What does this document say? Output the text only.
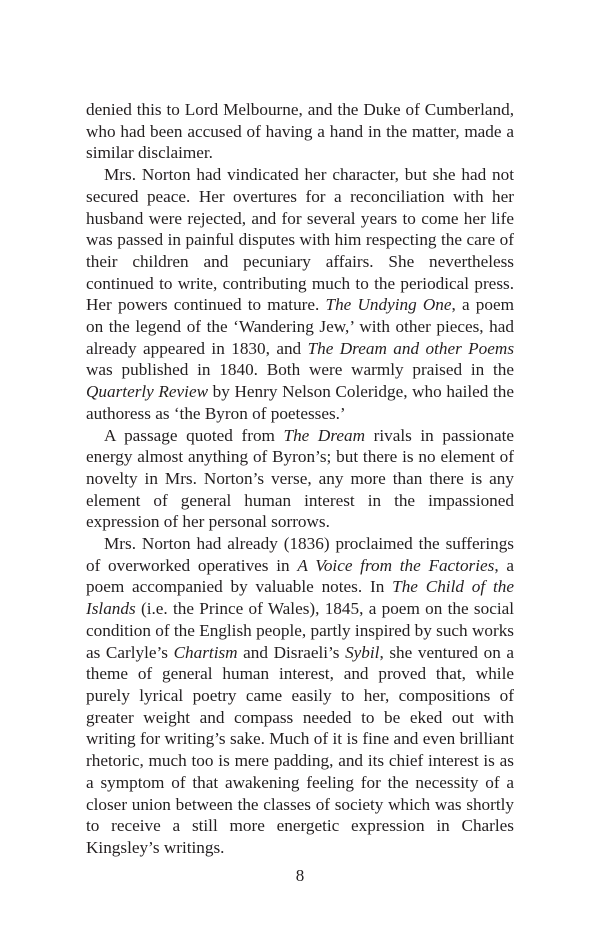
denied this to Lord Melbourne, and the Duke of Cumberland, who had been accused of having a hand in the matter, made a similar disclaimer.

Mrs. Norton had vindicated her character, but she had not secured peace. Her overtures for a reconciliation with her husband were rejected, and for several years to come her life was passed in painful disputes with him respecting the care of their children and pecuniary affairs. She nevertheless continued to write, contributing much to the periodical press. Her powers continued to mature. The Undying One, a poem on the legend of the ‘Wandering Jew,’ with other pieces, had already appeared in 1830, and The Dream and other Poems was published in 1840. Both were warmly praised in the Quarterly Review by Henry Nelson Coleridge, who hailed the authoress as ‘the Byron of poetesses.’

A passage quoted from The Dream rivals in passionate energy almost anything of Byron’s; but there is no element of novelty in Mrs. Norton’s verse, any more than there is any element of general human interest in the impassioned expression of her personal sorrows.

Mrs. Norton had already (1836) proclaimed the sufferings of overworked operatives in A Voice from the Factories, a poem accompanied by valuable notes. In The Child of the Islands (i.e. the Prince of Wales), 1845, a poem on the social condition of the English people, partly inspired by such works as Carlyle’s Chartism and Disraeli’s Sybil, she ventured on a theme of general human interest, and proved that, while purely lyrical poetry came easily to her, compositions of greater weight and compass needed to be eked out with writing for writing’s sake. Much of it is fine and even brilliant rhetoric, much too is mere padding, and its chief interest is as a symptom of that awakening feeling for the necessity of a closer union between the classes of society which was shortly to receive a still more energetic expression in Charles Kingsley’s writings.

8
